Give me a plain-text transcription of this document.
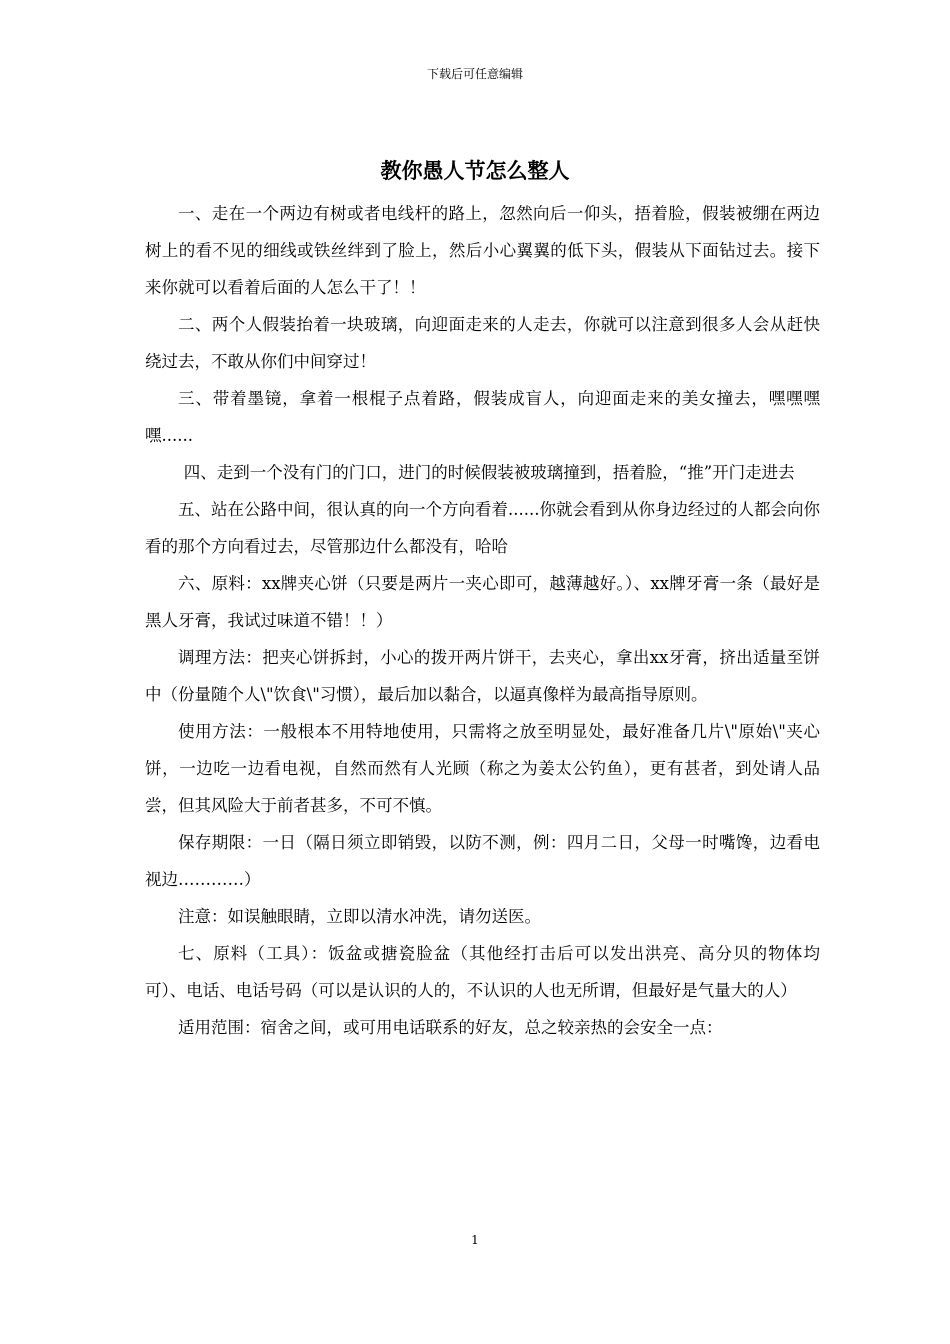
下载后可任意编辑
教你愚人节怎么整人

一、走在一个两边有树或者电线杆的路上，忽然向后一仰头，捂着脸，假装被绷在两边树上的看不见的细线或铁丝绊到了脸上，然后小心翼翼的低下头，假装从下面钻过去。接下来你就可以看着后面的人怎么干了！！

二、两个人假装抬着一块玻璃，向迎面走来的人走去，你就可以注意到很多人会从赶快绕过去，不敢从你们中间穿过！

三、带着墨镜，拿着一根棍子点着路，假装成盲人，向迎面走来的美女撞去，嘿嘿嘿嘿......

四、走到一个没有门的门口，进门的时候假装被玻璃撞到，捂着脸，“推”开门走进去

五、站在公路中间，很认真的向一个方向看着......你就会看到从你身边经过的人都会向你看的那个方向看过去，尽管那边什么都没有，哈哈

六、原料：xx牌夹心饼（只要是两片一夹心即可，越薄越好。）、xx牌牙膏一条（最好是黑人牙膏，我试过味道不错！！）

调理方法：把夹心饼拆封，小心的拨开两片饼干，去夹心，拿出xx牙膏，挤出适量至饼中（份量随个人\"饮食\"习惯），最后加以黏合，以逼真像样为最高指导原则。

使用方法：一般根本不用特地使用，只需将之放至明显处，最好准备几片\"原始\"夹心饼，一边吃一边看电视，自然而然有人光顾（称之为姜太公钓鱼），更有甚者，到处请人品尝，但其风险大于前者甚多，不可不慎。

保存期限：一日（隔日须立即销毁，以防不测，例：四月二日，父母一时嘴馋，边看电视边…………）

注意：如误触眼睛，立即以清水冲洗，请勿送医。

七、原料（工具）：饭盆或搪瓷脸盆（其他经打击后可以发出洪亮、高分贝的物体均可）、电话、电话号码（可以是认识的人的，不认识的人也无所谓，但最好是气量大的人）

适用范围：宿舍之间，或可用电话联系的好友，总之较亲热的会安全一点：

1
